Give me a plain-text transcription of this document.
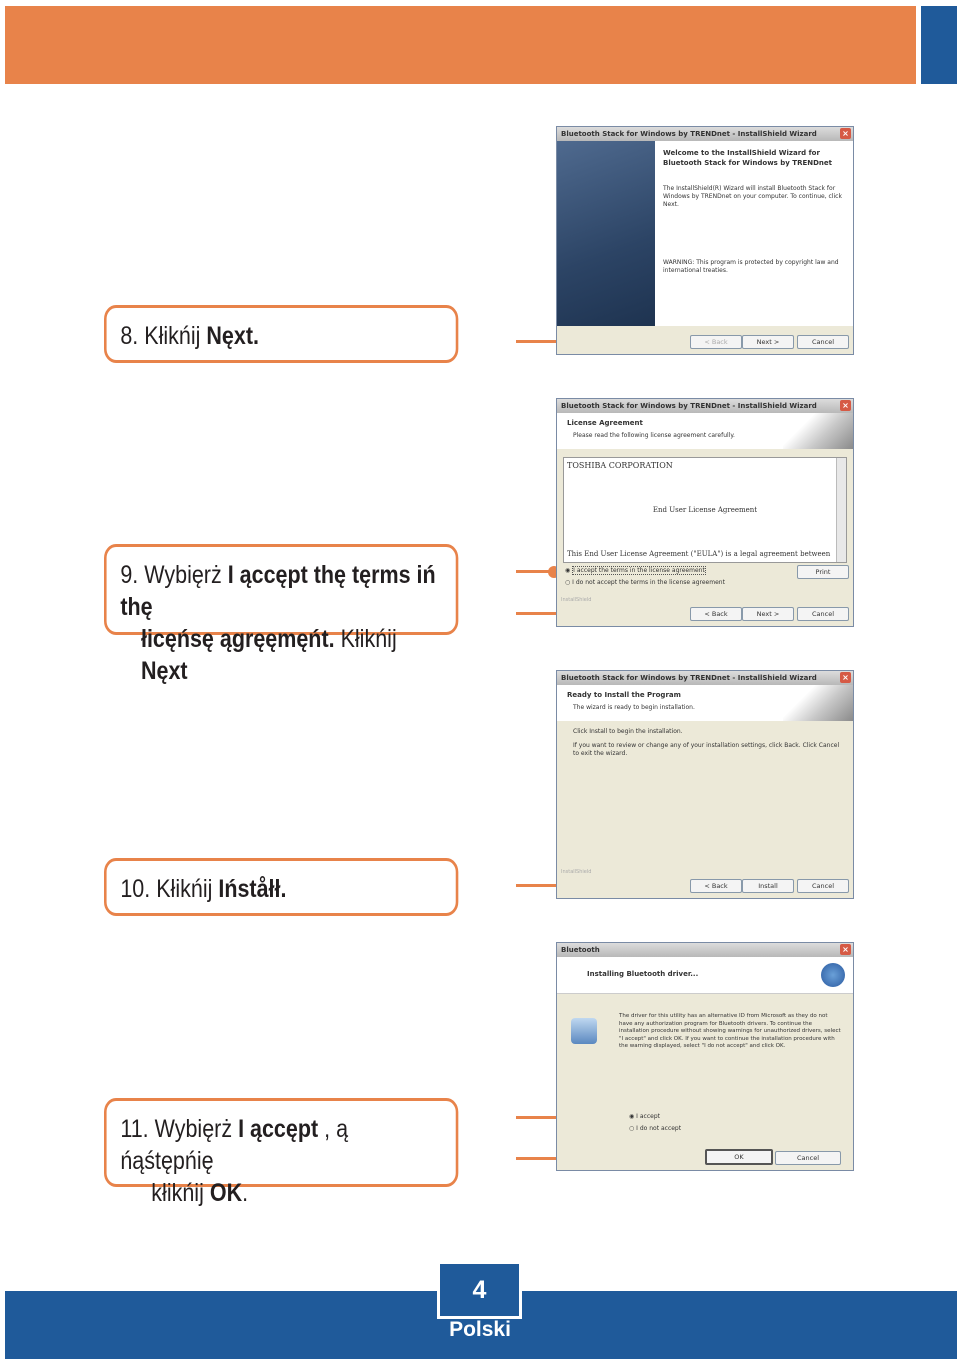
8. Kłikńij Nęxt.
Bluetooth Stack for Windows by TRENDnet - InstallShield Wizard	×
Welcome to the InstallShield Wizard for
Bluetooth Stack for Windows by TRENDnet
The InstallShield(R) Wizard will install Bluetooth Stack for Windows by TRENDnet on your computer. To continue, click Next.
WARNING: This program is protected by copyright law and international treaties.
< Back	Next >	Cancel
9. Wybięrż I ąccępt thę tęrms iń thę
łicęńsę ągręęmęńt. Kłikńij Nęxt
Bluetooth Stack for Windows by TRENDnet - InstallShield Wizard	×
License Agreement
Please read the following license agreement carefully.
TOSHIBA CORPORATION
End User License Agreement
This End User License Agreement ("EULA") is a legal agreement between
◉ I accept the terms in the license agreement
○ I do not accept the terms in the license agreement
Print
InstallShield
< Back	Next >	Cancel
10. Kłikńij Ińståłł.
Bluetooth Stack for Windows by TRENDnet - InstallShield Wizard	×
Ready to Install the Program
The wizard is ready to begin installation.
Click Install to begin the installation.
If you want to review or change any of your installation settings, click Back. Click Cancel to exit the wizard.
InstallShield
< Back	Install	Cancel
11. Wybięrż I ąccępt , ą ńąśtępńię
kłikńij OK.
Bluetooth	×
Installing Bluetooth driver...
The driver for this utility has an alternative ID from Microsoft as they do not have any authorization program for Bluetooth drivers. To continue the installation procedure without showing warnings for unauthorized drivers, select "I accept" and click OK. If you want to continue the installation procedure with the warning displayed, select "I do not accept" and click OK.
◉ I accept
○ I do not accept
OK	Cancel
4
Polski
